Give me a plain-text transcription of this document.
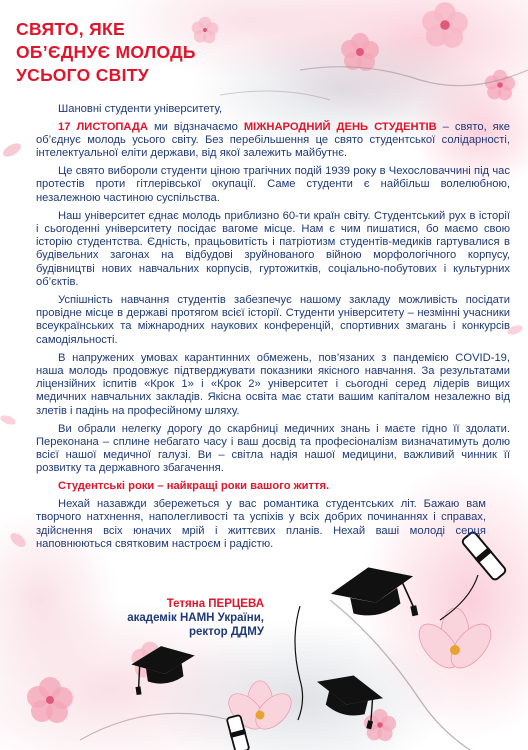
СВЯТО, ЯКЕ
ОБ’ЄДНУЄ МОЛОДЬ
УСЬОГО СВІТУ

Шановні студенти університету,

17 ЛИСТОПАДА ми відзначаємо МІЖНАРОДНИЙ ДЕНЬ СТУДЕНТІВ – свято, яке об’єднує молодь усього світу. Без перебільшення це свято студентської солідарності, інтелектуальної еліти держави, від якої залежить майбутнє.

Це свято вибороли студенти ціною трагічних подій 1939 року в Чехословаччині під час протестів проти гітлерівської окупації. Саме студенти є найбільш волелюбною, незалежною частиною суспільства.

Наш університет єднає молодь приблизно 60-ти країн світу. Студентський рух в історії і сьогоденні університету посідає вагоме місце. Нам є чим пишатися, бо маємо свою історію студентства. Єдність, працьовитість і патріотизм студентів-медиків гартувалися в будівельних загонах на відбудові зруйнованого війною морфологічного корпусу, будівництві нових навчальних корпусів, гуртожитків, соціально-побутових і культурних об’єктів.

Успішність навчання студентів забезпечує нашому закладу можливість посідати провідне місце в державі протягом всієї історії. Студенти університету – незмінні учасники всеукраїнських та міжнародних наукових конференцій, спортивних змагань і конкурсів самодіяльності.

В напружених умовах карантинних обмежень, пов’язаних з пандемією COVID-19, наша молодь продовжує підтверджувати показники якісного навчання. За результатами ліцензійних іспитів «Крок 1» і «Крок 2» університет і сьогодні серед лідерів вищих медичних навчальних закладів. Якісна освіта має стати вашим капіталом незалежно від злетів і падінь на професійному шляху.

Ви обрали нелегку дорогу до скарбниці медичних знань і маєте гідно її здолати. Переконана – сплине небагато часу і ваш досвід та професіоналізм визначатимуть долю всієї нашої медичної галузі. Ви – світла надія нашої медицини, важливий чинник її розвитку та державного збагачення.

Студентські роки – найкращі роки вашого життя.

Нехай назавжди збережеться у вас романтика студентських літ. Бажаю вам творчого натхнення, наполегливості та успіхів у всіх добрих починаннях і справах, здійснення всіх юначих мрій і життєвих планів. Нехай ваші молоді серця наповнюються святковим настроєм і радістю.

Тетяна ПЕРЦЕВА
академік НАМН України,
ректор ДДМУ
